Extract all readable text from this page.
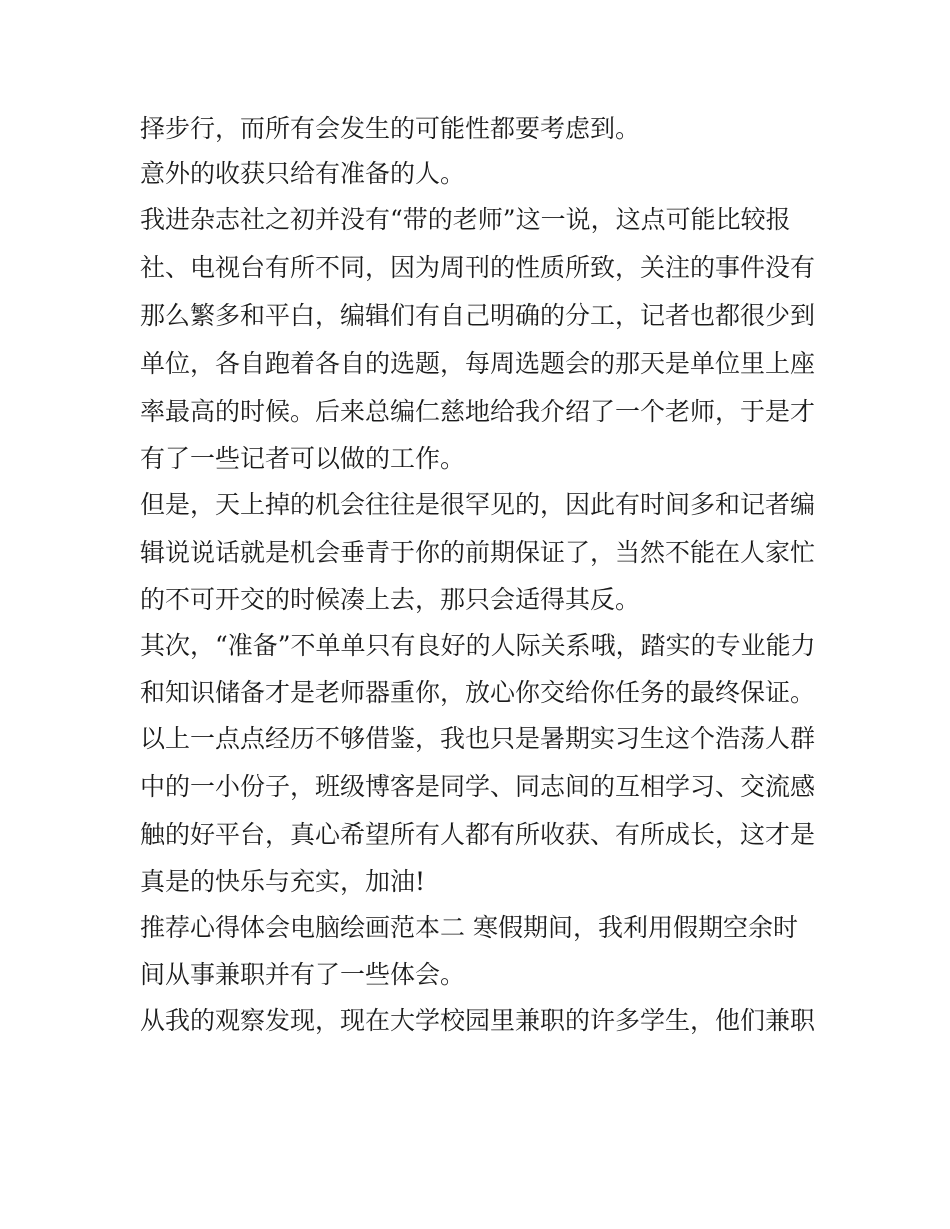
择步行，而所有会发生的可能性都要考虑到。
意外的收获只给有准备的人。
我进杂志社之初并没有“带的老师”这一说，这点可能比较报
社、电视台有所不同，因为周刊的性质所致，关注的事件没有
那么繁多和平白，编辑们有自己明确的分工，记者也都很少到
单位，各自跑着各自的选题，每周选题会的那天是单位里上座
率最高的时候。后来总编仁慈地给我介绍了一个老师，于是才
有了一些记者可以做的工作。
但是，天上掉的机会往往是很罕见的，因此有时间多和记者编
辑说说话就是机会垂青于你的前期保证了，当然不能在人家忙
的不可开交的时候凑上去，那只会适得其反。
其次，“准备”不单单只有良好的人际关系哦，踏实的专业能力
和知识储备才是老师器重你，放心你交给你任务的最终保证。
以上一点点经历不够借鉴，我也只是暑期实习生这个浩荡人群
中的一小份子，班级博客是同学、同志间的互相学习、交流感
触的好平台，真心希望所有人都有所收获、有所成长，这才是
真是的快乐与充实，加油!
推荐心得体会电脑绘画范本二 寒假期间，我利用假期空余时
间从事兼职并有了一些体会。
从我的观察发现，现在大学校园里兼职的许多学生，他们兼职
